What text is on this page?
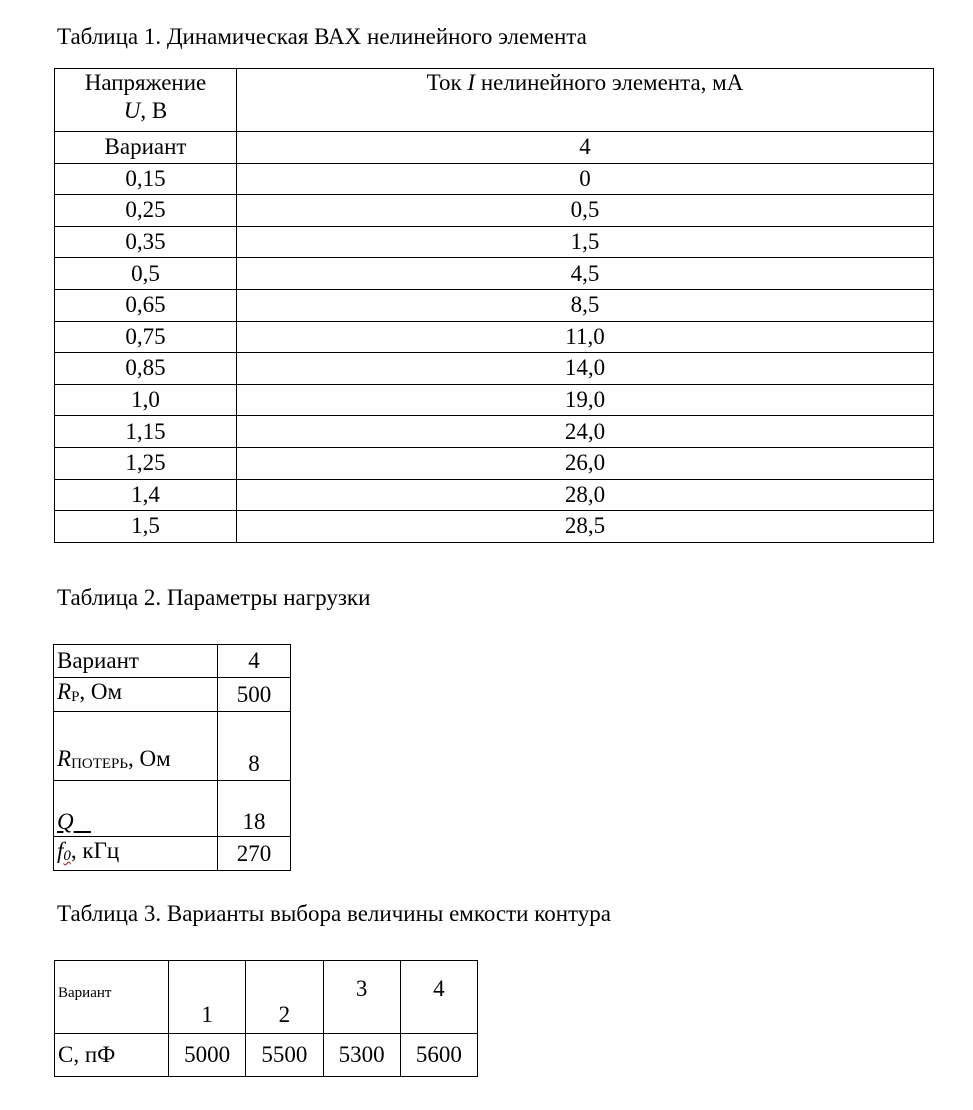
Таблица 1. Динамическая ВАХ нелинейного элемента
Напряжение
U, В	Ток I нелинейного элемента, мА
Вариант	4
0,15	0
0,25	0,5
0,35	1,5
0,5	4,5
0,65	8,5
0,75	11,0
0,85	14,0
1,0	19,0
1,15	24,0
1,25	26,0
1,4	28,0
1,5	28,5
Таблица 2. Параметры нагрузки
Вариант	4
RР, Ом	500
RПОТЕРЬ, Ом	8
Q	18
f0, кГц	270
Таблица 3. Варианты выбора величины емкости контура
Вариант	1	2	3	4
С, пФ	5000	5500	5300	5600
